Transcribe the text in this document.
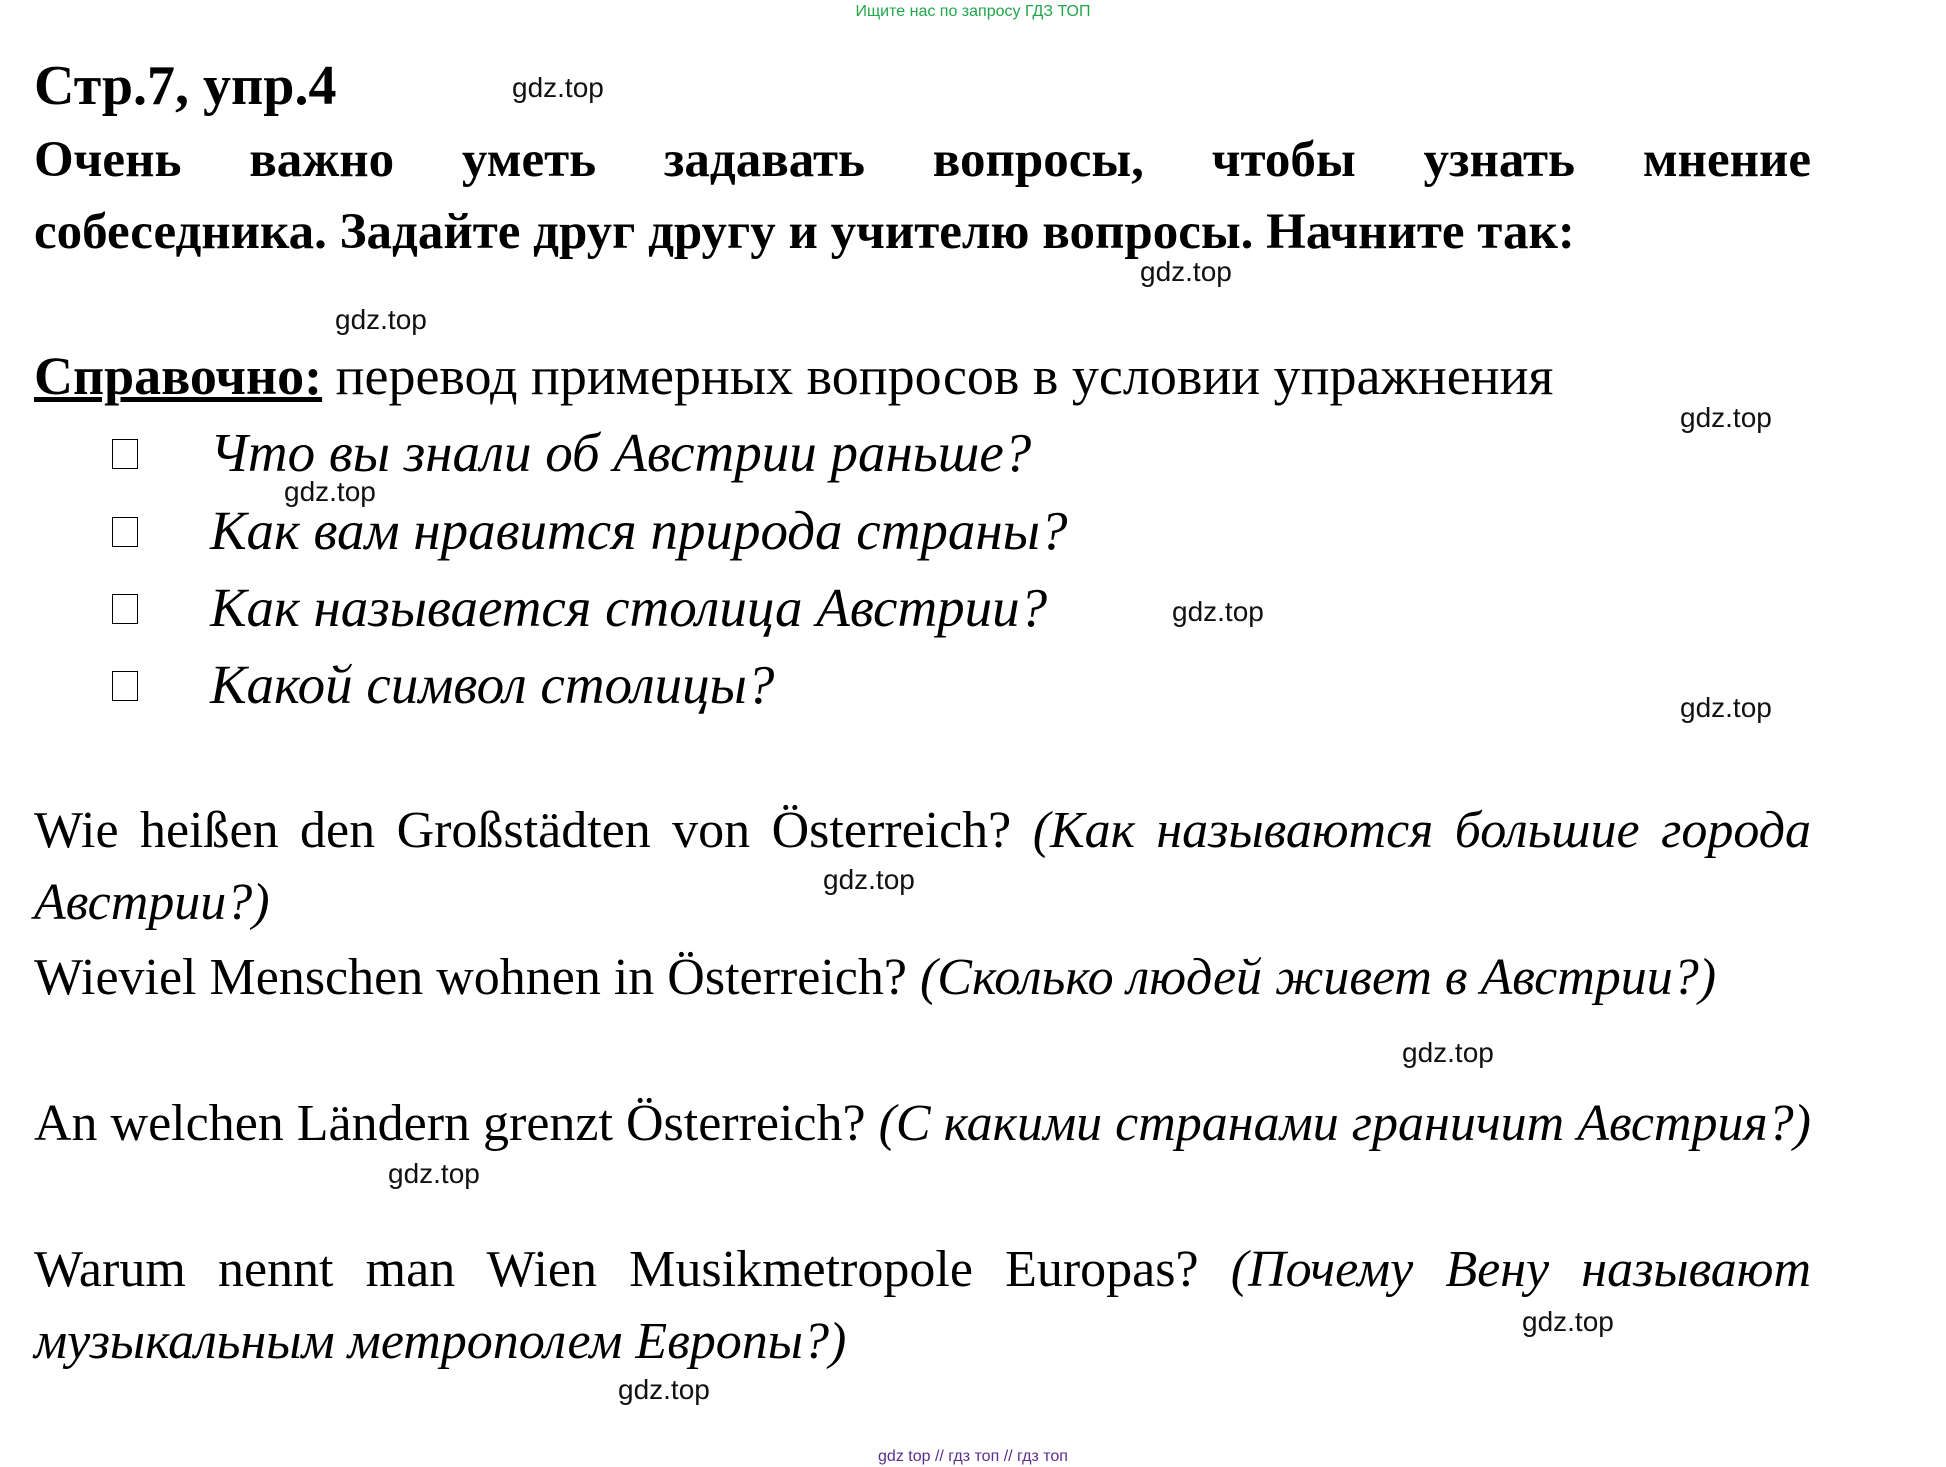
Ищите нас по запросу ГДЗ ТОП
Стр.7, упр.4
Очень важно уметь задавать вопросы, чтобы узнать мнение
собеседника. Задайте друг другу и учителю вопросы. Начните так:
Справочно: перевод примерных вопросов в условии упражнения
Что вы знали об Австрии раньше?
Как вам нравится природа страны?
Как называется столица Австрии?
Какой символ столицы?

Wie heißen den Großstädten von Österreich? (Как называются большие города Австрии?)

Wieviel Menschen wohnen in Österreich? (Сколько людей живет в Австрии?)

An welchen Ländern grenzt Österreich? (С какими странами граничит Австрия?)

Warum nennt man Wien Musikmetropole Europas? (Почему Вену называют музыкальным метрополем Европы?)

gdz.top
gdz.top
gdz.top
gdz.top
gdz.top
gdz.top
gdz.top
gdz.top
gdz.top
gdz.top
gdz.top
gdz.top
gdz top // гдз топ // гдз топ
